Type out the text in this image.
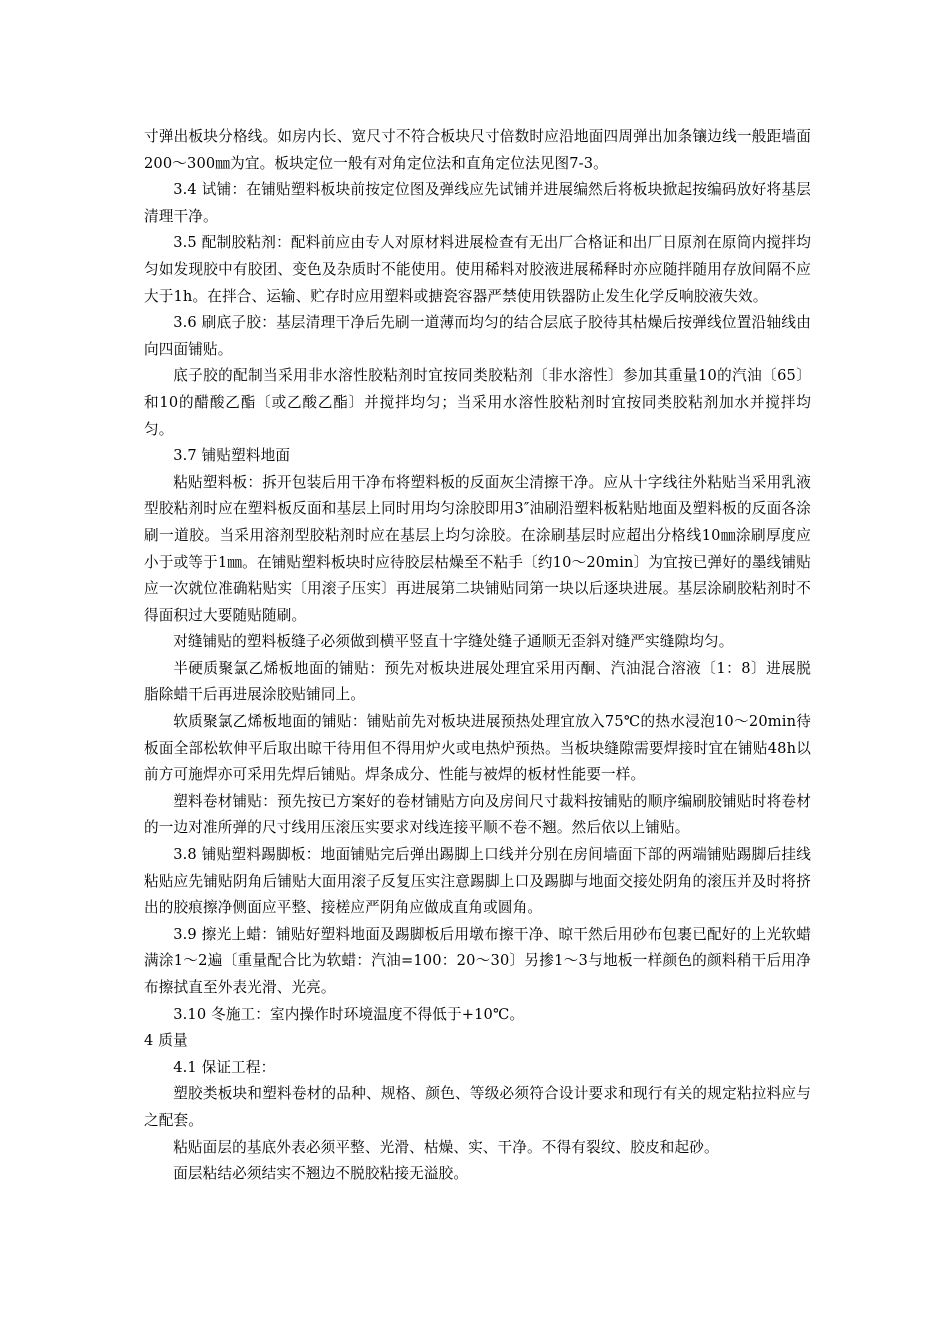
寸弹出板块分格线。如房内长、宽尺寸不符合板块尺寸倍数时应沿地面四周弹出加条镶边线一般距墙面200～300㎜为宜。板块定位一般有对角定位法和直角定位法见图7-3。

3.4 试铺：在铺贴塑料板块前按定位图及弹线应先试铺并进展编然后将板块掀起按编码放好将基层清理干净。

3.5 配制胶粘剂：配料前应由专人对原材料进展检查有无出厂合格证和出厂日原剂在原筒内搅拌均匀如发现胶中有胶团、变色及杂质时不能使用。使用稀料对胶液进展稀释时亦应随拌随用存放间隔不应大于1h。在拌合、运输、贮存时应用塑料或搪瓷容器严禁使用铁器防止发生化学反响胶液失效。

3.6 刷底子胶：基层清理干净后先刷一道薄而均匀的结合层底子胶待其枯燥后按弹线位置沿轴线由向四面铺贴。

底子胶的配制当采用非水溶性胶粘剂时宜按同类胶粘剂〔非水溶性〕参加其重量10的汽油〔65〕和10的醋酸乙酯〔或乙酸乙酯〕并搅拌均匀；当采用水溶性胶粘剂时宜按同类胶粘剂加水并搅拌均匀。

3.7 铺贴塑料地面

粘贴塑料板：拆开包装后用干净布将塑料板的反面灰尘清擦干净。应从十字线往外粘贴当采用乳液型胶粘剂时应在塑料板反面和基层上同时用均匀涂胶即用3″油刷沿塑料板粘贴地面及塑料板的反面各涂刷一道胶。当采用溶剂型胶粘剂时应在基层上均匀涂胶。在涂刷基层时应超出分格线10㎜涂刷厚度应小于或等于1㎜。在铺贴塑料板块时应待胶层枯燥至不粘手〔约10～20min〕为宜按已弹好的墨线铺贴应一次就位准确粘贴实〔用滚子压实〕再进展第二块铺贴同第一块以后逐块进展。基层涂刷胶粘剂时不得面积过大要随贴随刷。

对缝铺贴的塑料板缝子必须做到横平竖直十字缝处缝子通顺无歪斜对缝严实缝隙均匀。

半硬质聚氯乙烯板地面的铺贴：预先对板块进展处理宜采用丙酮、汽油混合溶液〔1：8〕进展脱脂除蜡干后再进展涂胶贴铺同上。

软质聚氯乙烯板地面的铺贴：铺贴前先对板块进展预热处理宜放入75℃的热水浸泡10～20min待板面全部松软伸平后取出晾干待用但不得用炉火或电热炉预热。当板块缝隙需要焊接时宜在铺贴48h以前方可施焊亦可采用先焊后铺贴。焊条成分、性能与被焊的板材性能要一样。

塑料卷材铺贴：预先按已方案好的卷材铺贴方向及房间尺寸裁料按铺贴的顺序编刷胶铺贴时将卷材的一边对准所弹的尺寸线用压滚压实要求对线连接平顺不卷不翘。然后依以上铺贴。

3.8 铺贴塑料踢脚板：地面铺贴完后弹出踢脚上口线并分别在房间墙面下部的两端铺贴踢脚后挂线粘贴应先铺贴阴角后铺贴大面用滚子反复压实注意踢脚上口及踢脚与地面交接处阴角的滚压并及时将挤出的胶痕擦净侧面应平整、接槎应严阴角应做成直角或圆角。

3.9 擦光上蜡：铺贴好塑料地面及踢脚板后用墩布擦干净、晾干然后用砂布包裹已配好的上光软蜡满涂1～2遍〔重量配合比为软蜡：汽油=100：20～30〕另掺1～3与地板一样颜色的颜料稍干后用净布擦拭直至外表光滑、光亮。

3.10 冬施工：室内操作时环境温度不得低于+10℃。

4 质量

4.1 保证工程：

塑胶类板块和塑料卷材的品种、规格、颜色、等级必须符合设计要求和现行有关的规定粘拉料应与之配套。

粘贴面层的基底外表必须平整、光滑、枯燥、实、干净。不得有裂纹、胶皮和起砂。

面层粘结必须结实不翘边不脱胶粘接无溢胶。
